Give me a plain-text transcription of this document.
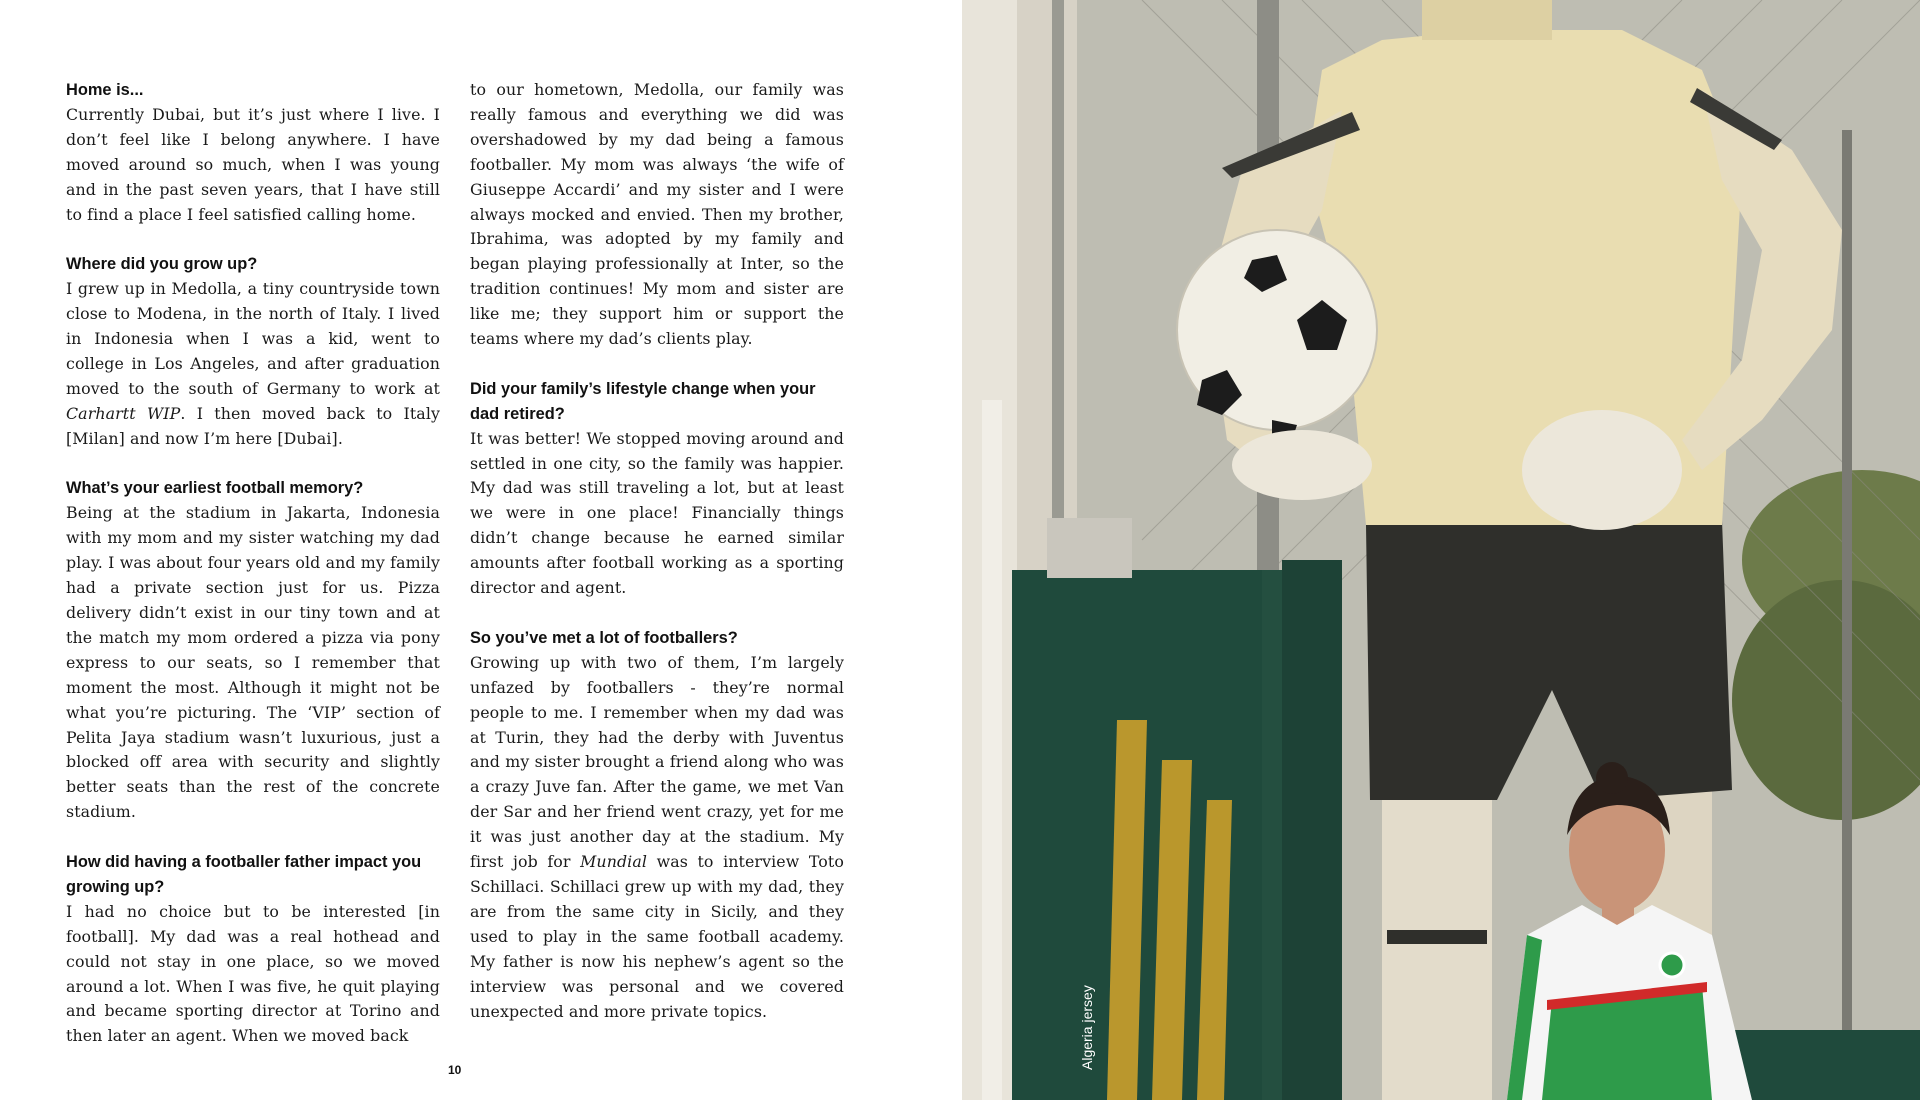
Home is...

Currently Dubai, but it’s just where I live. I don’t feel like I belong anywhere. I have moved around so much, when I was young and in the past seven years, that I have still to find a place I feel satisfied calling home.

Where did you grow up?

I grew up in Medolla, a tiny countryside town close to Modena, in the north of Italy. I lived in Indonesia when I was a kid, went to college in Los Angeles, and after graduation moved to the south of Germany to work at Carhartt WIP. I then moved back to Italy [Milan] and now I’m here [Dubai].

What’s your earliest football memory?

Being at the stadium in Jakarta, Indonesia with my mom and my sister watching my dad play. I was about four years old and my family had a private section just for us. Pizza delivery didn’t exist in our tiny town and at the match my mom ordered a pizza via pony express to our seats, so I remember that moment the most. Although it might not be what you’re picturing. The ‘VIP’ section of Pelita Jaya stadium wasn’t luxurious, just a blocked off area with security and slightly better seats than the rest of the concrete stadium.

How did having a footballer father impact you growing up?

I had no choice but to be interested [in football]. My dad was a real hothead and could not stay in one place, so we moved around a lot. When I was five, he quit playing and became sporting director at Torino and then later an agent. When we moved back

to our hometown, Medolla, our family was really famous and everything we did was overshadowed by my dad being a famous footballer. My mom was always ‘the wife of Giuseppe Accardi’ and my sister and I were always mocked and envied. Then my brother, Ibrahima, was adopted by my family and began playing professionally at Inter, so the tradition continues! My mom and sister are like me; they support him or support the teams where my dad’s clients play.

Did your family’s lifestyle change when your dad retired?

It was better! We stopped moving around and settled in one city, so the family was happier. My dad was still traveling a lot, but at least we were in one place! Financially things didn’t change because he earned similar amounts after football working as a sporting director and agent.

So you’ve met a lot of footballers?

Growing up with two of them, I’m largely unfazed by footballers - they’re normal people to me. I remember when my dad was at Turin, they had the derby with Juventus and my sister brought a friend along who was a crazy Juve fan. After the game, we met Van der Sar and her friend went crazy, yet for me it was just another day at the stadium. My first job for Mundial was to interview Toto Schillaci. Schillaci grew up with my dad, they are from the same city in Sicily, and they used to play in the same football academy. My father is now his nephew’s agent so the interview was personal and we covered unexpected and more private topics.

10	Algeria jersey
